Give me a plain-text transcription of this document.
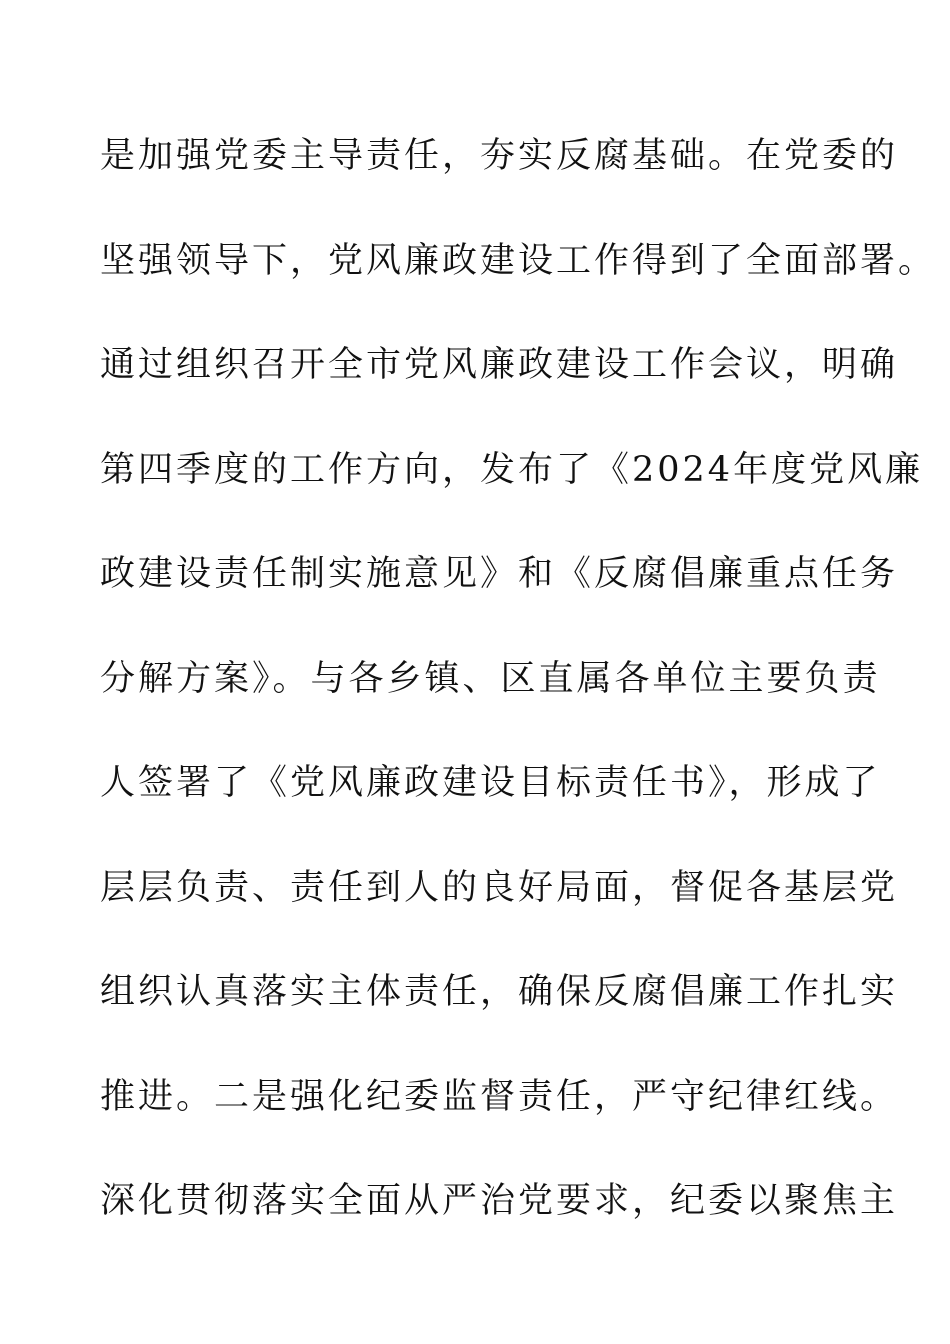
是加强党委主导责任，夯实反腐基础。在党委的
坚强领导下，党风廉政建设工作得到了全面部署。
通过组织召开全市党风廉政建设工作会议，明确
第四季度的工作方向，发布了《2024年度党风廉
政建设责任制实施意见》和《反腐倡廉重点任务
分解方案》。与各乡镇、区直属各单位主要负责
人签署了《党风廉政建设目标责任书》，形成了
层层负责、责任到人的良好局面，督促各基层党
组织认真落实主体责任，确保反腐倡廉工作扎实
推进。二是强化纪委监督责任，严守纪律红线。
深化贯彻落实全面从严治党要求，纪委以聚焦主
